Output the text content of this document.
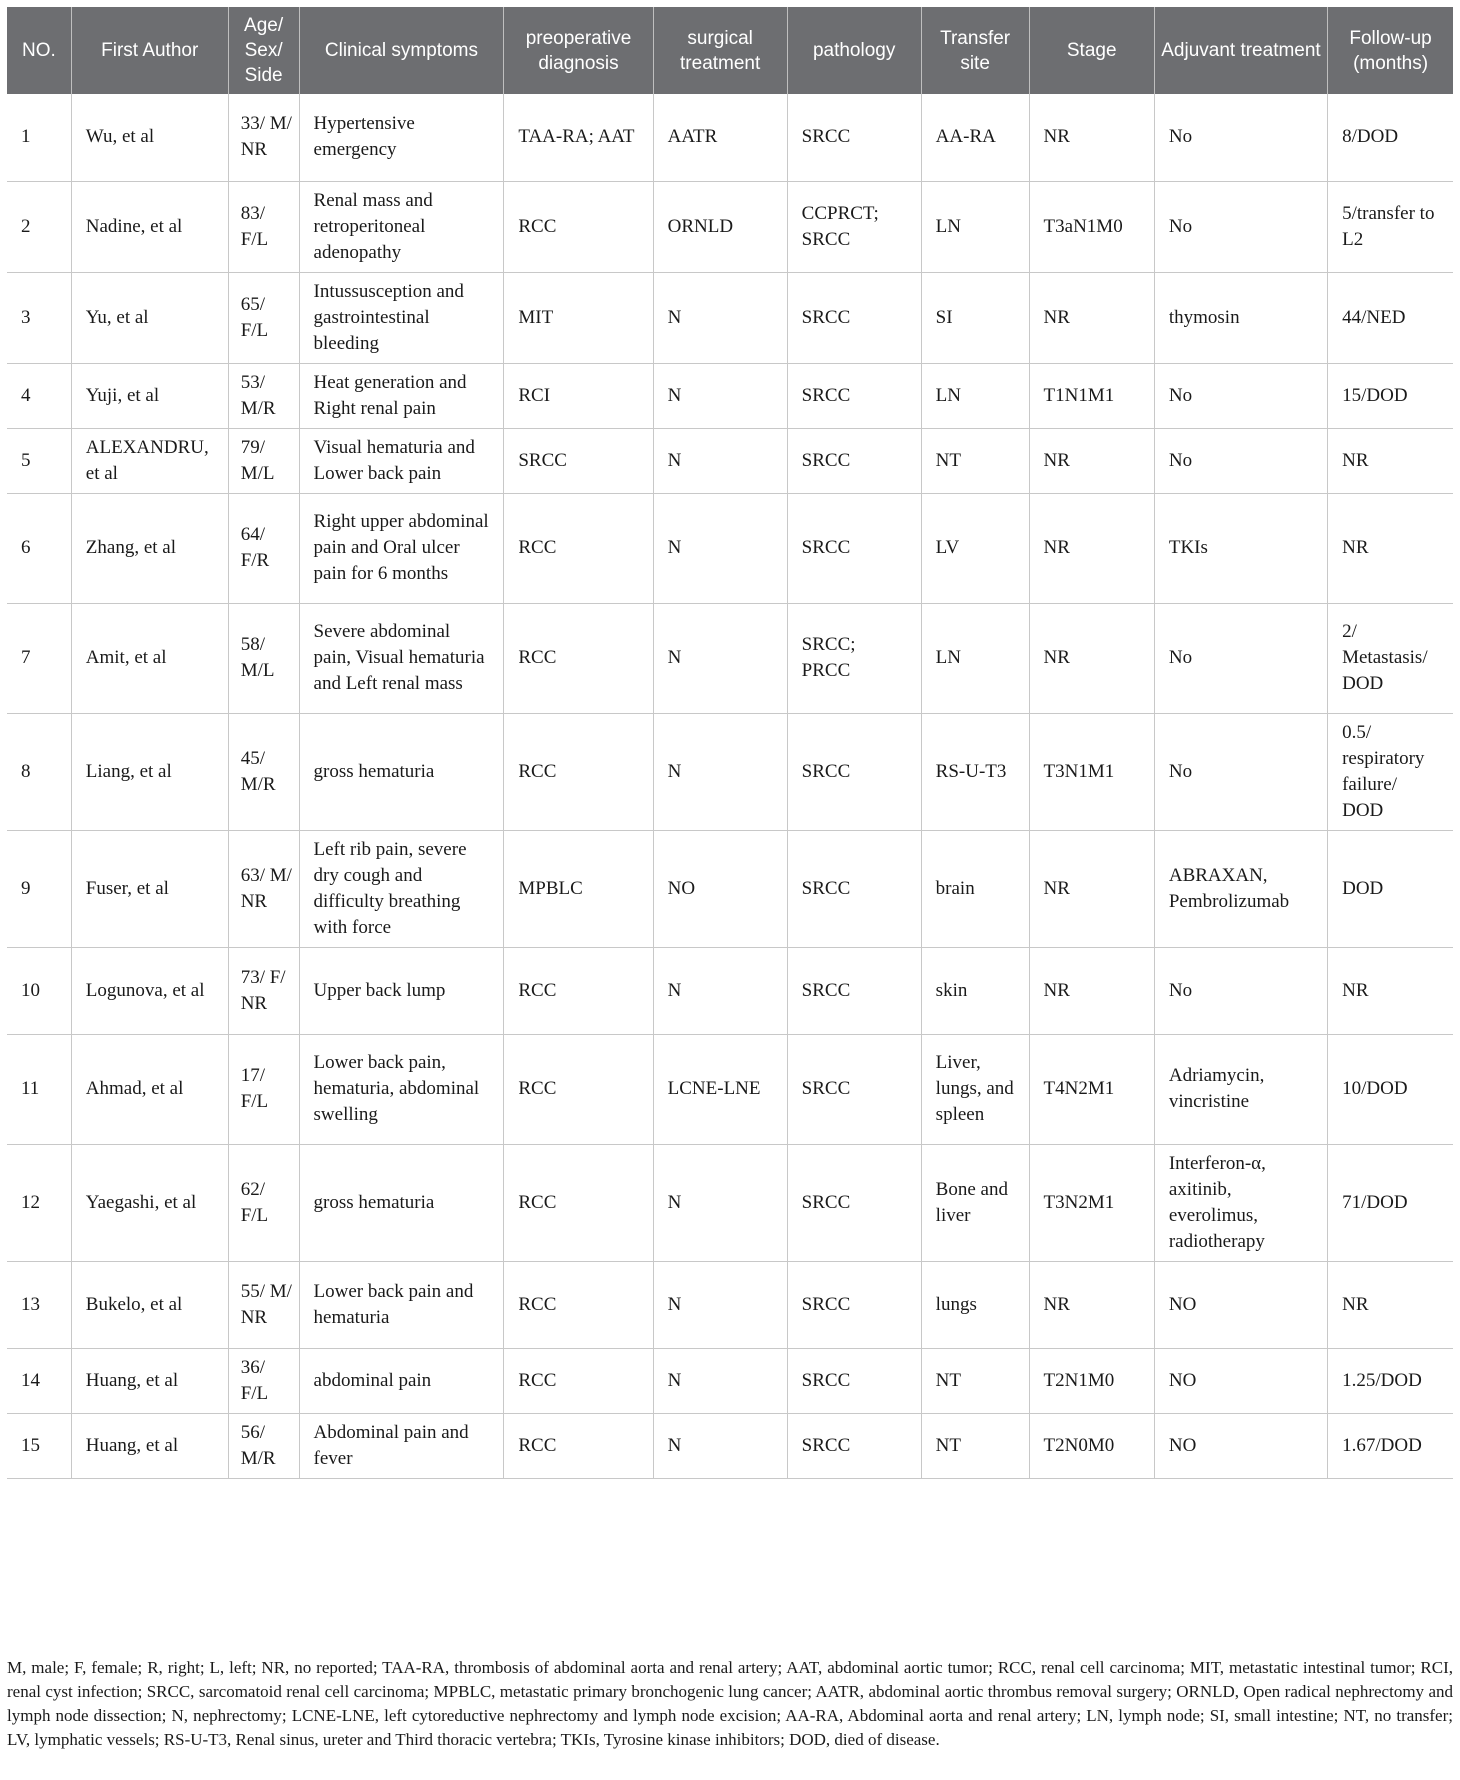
NO.	First Author	Age/ Sex/ Side	Clinical symptoms	preoperative diagnosis	surgical treatment	pathology	Transfer site	Stage	Adjuvant treatment	Follow-up (months)
1	Wu, et al	33/ M/ NR	Hypertensive emergency	TAA-RA; AAT	AATR	SRCC	AA-RA	NR	No	8/DOD
2	Nadine, et al	83/ F/L	Renal mass and retroperitoneal adenopathy	RCC	ORNLD	CCPRCT; SRCC	LN	T3aN1M0	No	5/transfer to L2
3	Yu, et al	65/ F/L	Intussusception and gastrointestinal bleeding	MIT	N	SRCC	SI	NR	thymosin	44/NED
4	Yuji, et al	53/ M/R	Heat generation and Right renal pain	RCI	N	SRCC	LN	T1N1M1	No	15/DOD
5	ALEXANDRU, et al	79/ M/L	Visual hematuria and Lower back pain	SRCC	N	SRCC	NT	NR	No	NR
6	Zhang, et al	64/ F/R	Right upper abdominal pain and Oral ulcer pain for 6 months	RCC	N	SRCC	LV	NR	TKIs	NR
7	Amit, et al	58/ M/L	Severe abdominal pain, Visual hematuria and Left renal mass	RCC	N	SRCC; PRCC	LN	NR	No	2/ Metastasis/ DOD
8	Liang, et al	45/ M/R	gross hematuria	RCC	N	SRCC	RS-U-T3	T3N1M1	No	0.5/ respiratory failure/ DOD
9	Fuser, et al	63/ M/ NR	Left rib pain, severe dry cough and difficulty breathing with force	MPBLC	NO	SRCC	brain	NR	ABRAXAN, Pembrolizumab	DOD
10	Logunova, et al	73/ F/ NR	Upper back lump	RCC	N	SRCC	skin	NR	No	NR
11	Ahmad, et al	17/ F/L	Lower back pain, hematuria, abdominal swelling	RCC	LCNE-LNE	SRCC	Liver, lungs, and spleen	T4N2M1	Adriamycin, vincristine	10/DOD
12	Yaegashi, et al	62/ F/L	gross hematuria	RCC	N	SRCC	Bone and liver	T3N2M1	Interferon-α, axitinib, everolimus, radiotherapy	71/DOD
13	Bukelo, et al	55/ M/ NR	Lower back pain and hematuria	RCC	N	SRCC	lungs	NR	NO	NR
14	Huang, et al	36/ F/L	abdominal pain	RCC	N	SRCC	NT	T2N1M0	NO	1.25/DOD
15	Huang, et al	56/ M/R	Abdominal pain and fever	RCC	N	SRCC	NT	T2N0M0	NO	1.67/DOD
M, male; F, female; R, right; L, left; NR, no reported; TAA-RA, thrombosis of abdominal aorta and renal artery; AAT, abdominal aortic tumor; RCC, renal cell carcinoma; MIT, metastatic intestinal tumor; RCI, renal cyst infection; SRCC, sarcomatoid renal cell carcinoma; MPBLC, metastatic primary bronchogenic lung cancer; AATR, abdominal aortic thrombus removal surgery; ORNLD, Open radical nephrectomy and lymph node dissection; N, nephrectomy; LCNE-LNE, left cytoreductive nephrectomy and lymph node excision; AA-RA, Abdominal aorta and renal artery; LN, lymph node; SI, small intestine; NT, no transfer; LV, lymphatic vessels; RS-U-T3, Renal sinus, ureter and Third thoracic vertebra; TKIs, Tyrosine kinase inhibitors; DOD, died of disease.
